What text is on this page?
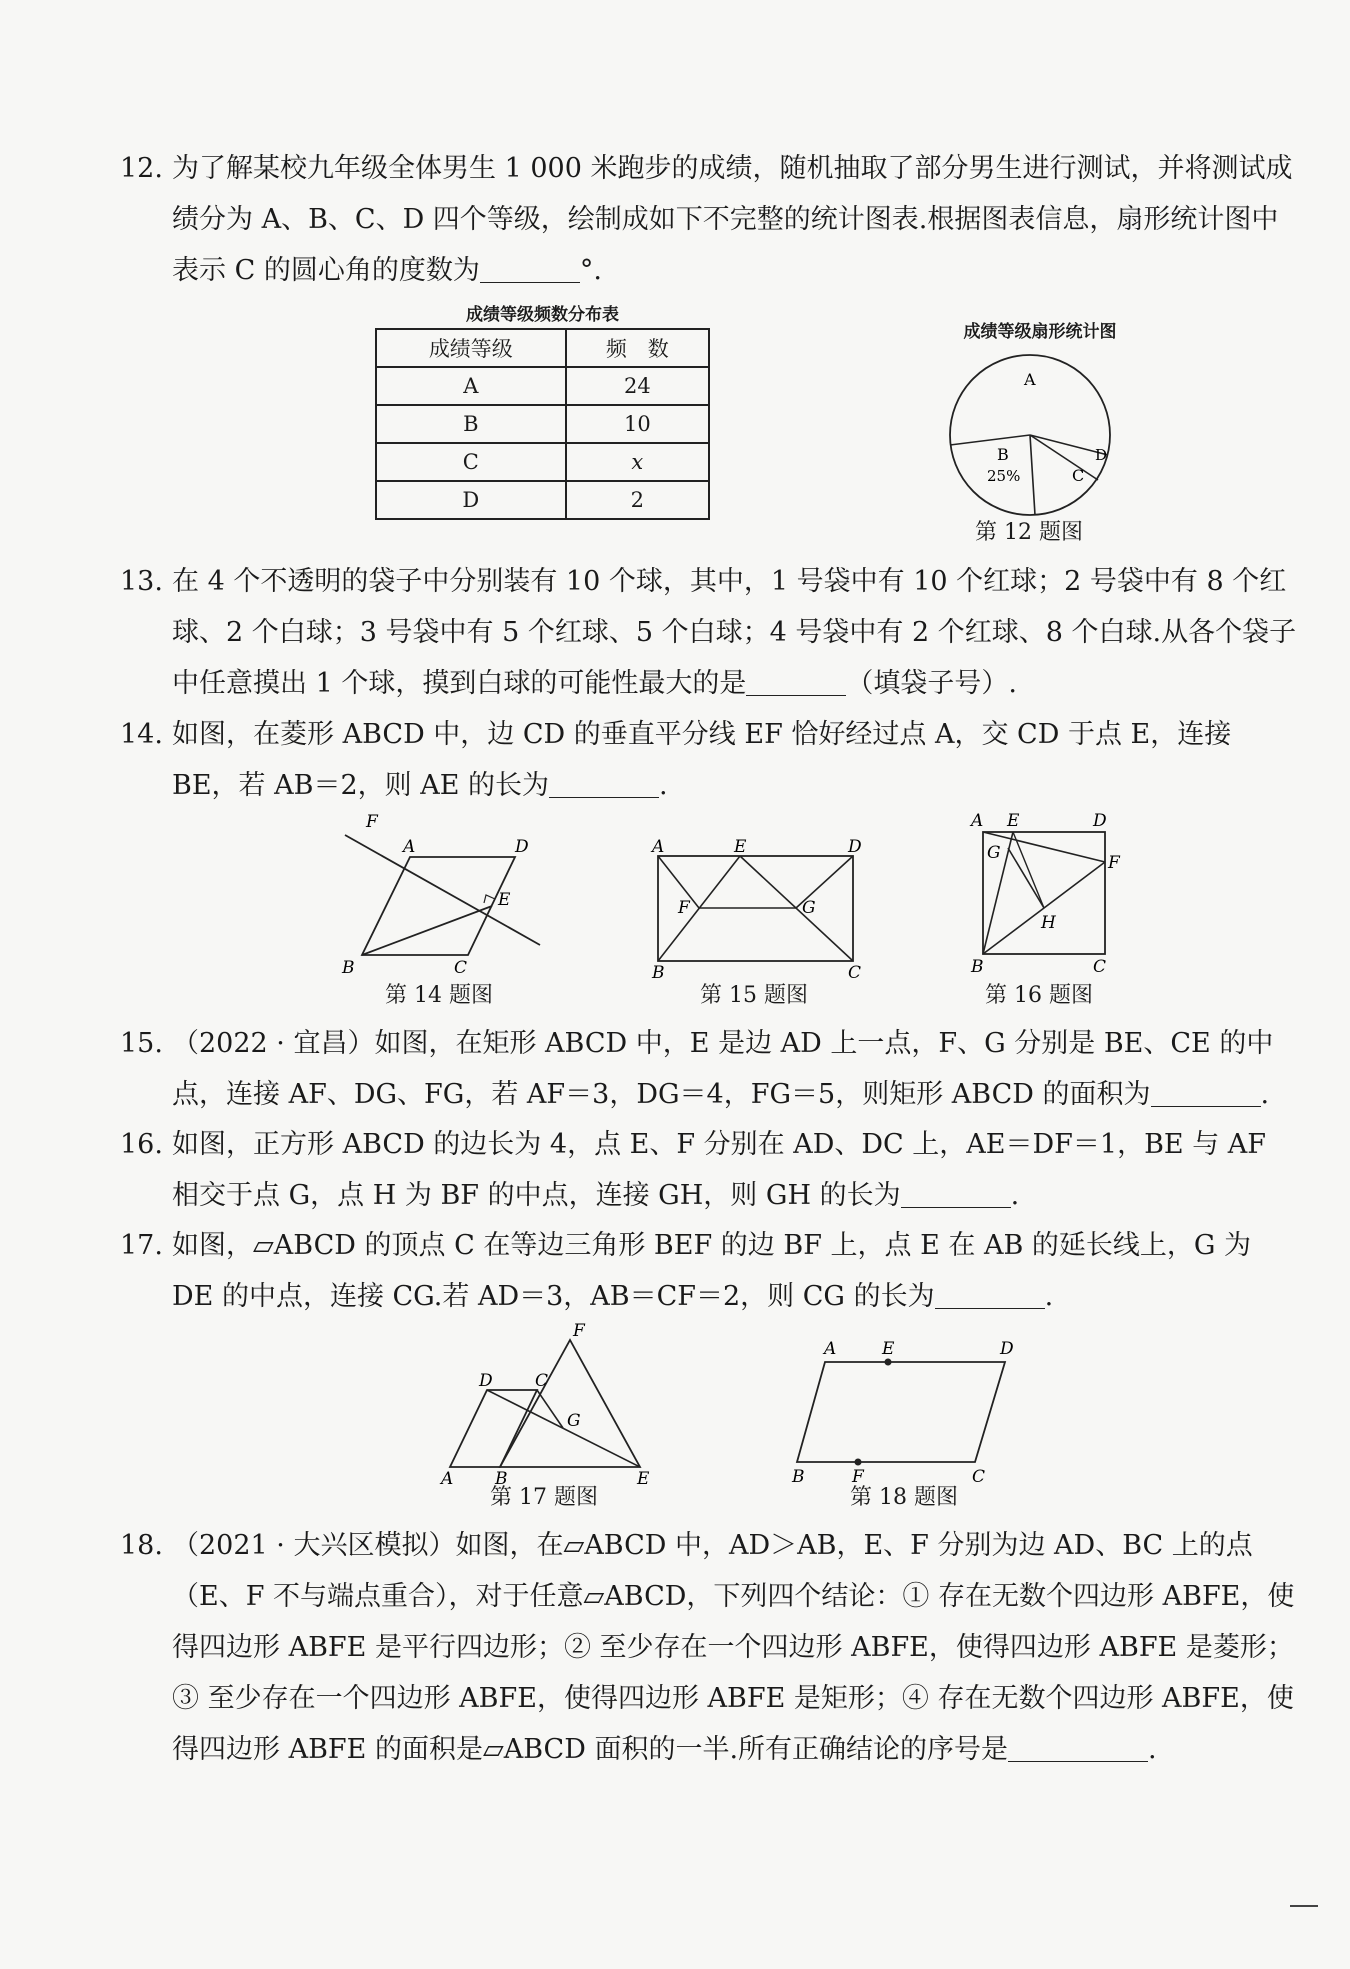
12. 为了解某校九年级全体男生 1 000 米跑步的成绩，随机抽取了部分男生进行测试，并将测试成绩分为 A、B、C、D 四个等级，绘制成如下不完整的统计图表.根据图表信息，扇形统计图中表示 C 的圆心角的度数为	°.
成绩等级频数分布表
成绩等级	频　数
A	24
B	10
C	x
D	2
成绩等级扇形统计图
A
B
25%	C
D
第 12 题图
13. 在 4 个不透明的袋子中分别装有 10 个球，其中，1 号袋中有 10 个红球；2 号袋中有 8 个红球、2 个白球；3 号袋中有 5 个红球、5 个白球；4 号袋中有 2 个红球、8 个白球.从各个袋子中任意摸出 1 个球，摸到白球的可能性最大的是	（填袋子号）.
14. 如图，在菱形 ABCD 中，边 CD 的垂直平分线 EF 恰好经过点 A，交 CD 于点 E，连接 BE，若 AB＝2，则 AE 的长为	.
F
A	D
E
B	C
第 14 题图
A	E	D
F	G
B	C
第 15 题图
A E	D
G	F
H
B	C
第 16 题图
15. （2022 · 宜昌）如图，在矩形 ABCD 中，E 是边 AD 上一点，F、G 分别是 BE、CE 的中点，连接 AF、DG、FG，若 AF＝3，DG＝4，FG＝5，则矩形 ABCD 的面积为	.
16. 如图，正方形 ABCD 的边长为 4，点 E、F 分别在 AD、DC 上，AE＝DF＝1，BE 与 AF 相交于点 G，点 H 为 BF 的中点，连接 GH，则 GH 的长为	.
17. 如图，▱ABCD 的顶点 C 在等边三角形 BEF 的边 BF 上，点 E 在 AB 的延长线上，G 为 DE 的中点，连接 CG.若 AD＝3，AB＝CF＝2，则 CG 的长为	.
F
D C
G
A B	E
第 17 题图
A	E	D
B	F	C
第 18 题图
18. （2021 · 大兴区模拟）如图，在▱ABCD 中，AD＞AB，E、F 分别为边 AD、BC 上的点（E、F 不与端点重合），对于任意▱ABCD，下列四个结论：① 存在无数个四边形 ABFE，使得四边形 ABFE 是平行四边形；② 至少存在一个四边形 ABFE，使得四边形 ABFE 是菱形；③ 至少存在一个四边形 ABFE，使得四边形 ABFE 是矩形；④ 存在无数个四边形 ABFE，使得四边形 ABFE 的面积是▱ABCD 面积的一半.所有正确结论的序号是	.
